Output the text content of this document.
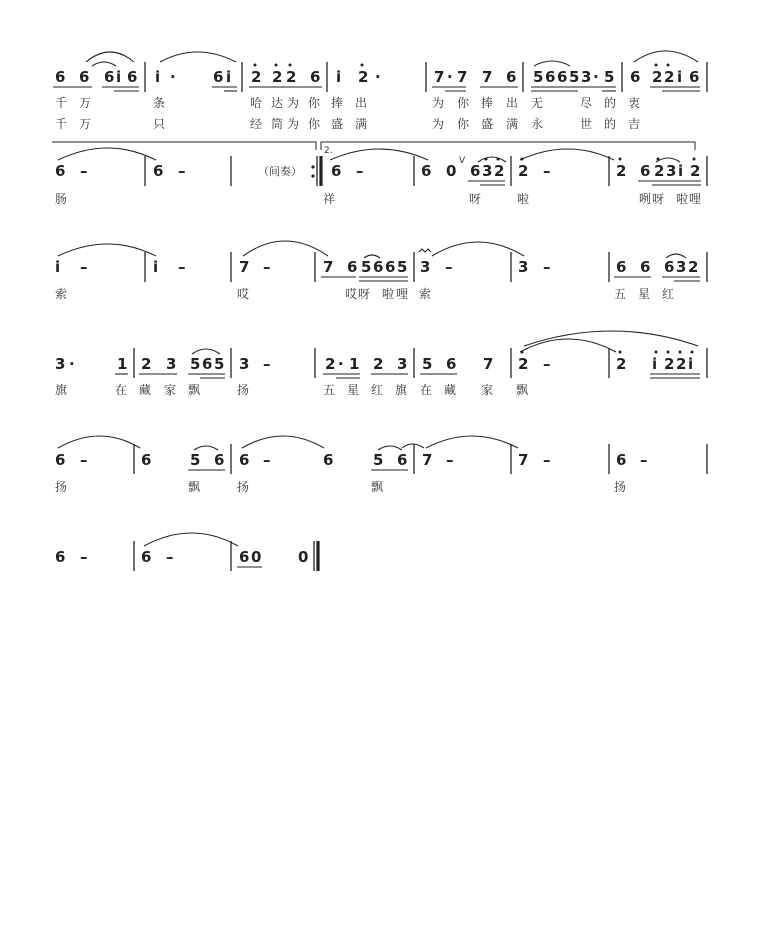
6 6 6 i 6 i · 6 i 2 2 2 6 i 2 ·	7 · 7 7 6 5 6 6 5 3 · 5 6 2 2 i 6
千 万	条	哈 达 为 你 捧 出	为 你 捧 出 无	尽 的 衷
千 万	只	经 筒 为 你 盛 满	为 你 盛 满 永	世 的 吉
2.
6 –	6 –	（间奏） 6 –	6 0 6 3 2 2 –	2 6 2 3 i 2
V
肠	祥	呀	啦	咧 呀 啦 哩
i –	i –	7 –	7 6 5 6 6 5 3 –	3 –	6 6 6 3 2
索	哎	哎 呀 啦 哩 索	五 星 红
3 ·	1 2 3 5 6 5 3 –	2 · 1 2 3 5 6 7 2 –	2 i 2 2 i
旗	在 藏 家 飘	扬	五 星 红 旗 在 藏 家 飘
6 –	6	5 6 6 –	6	5 6 7 –	7 –	6 –
扬	飘	扬	飘	扬
6 –	6 –	6 0 0
